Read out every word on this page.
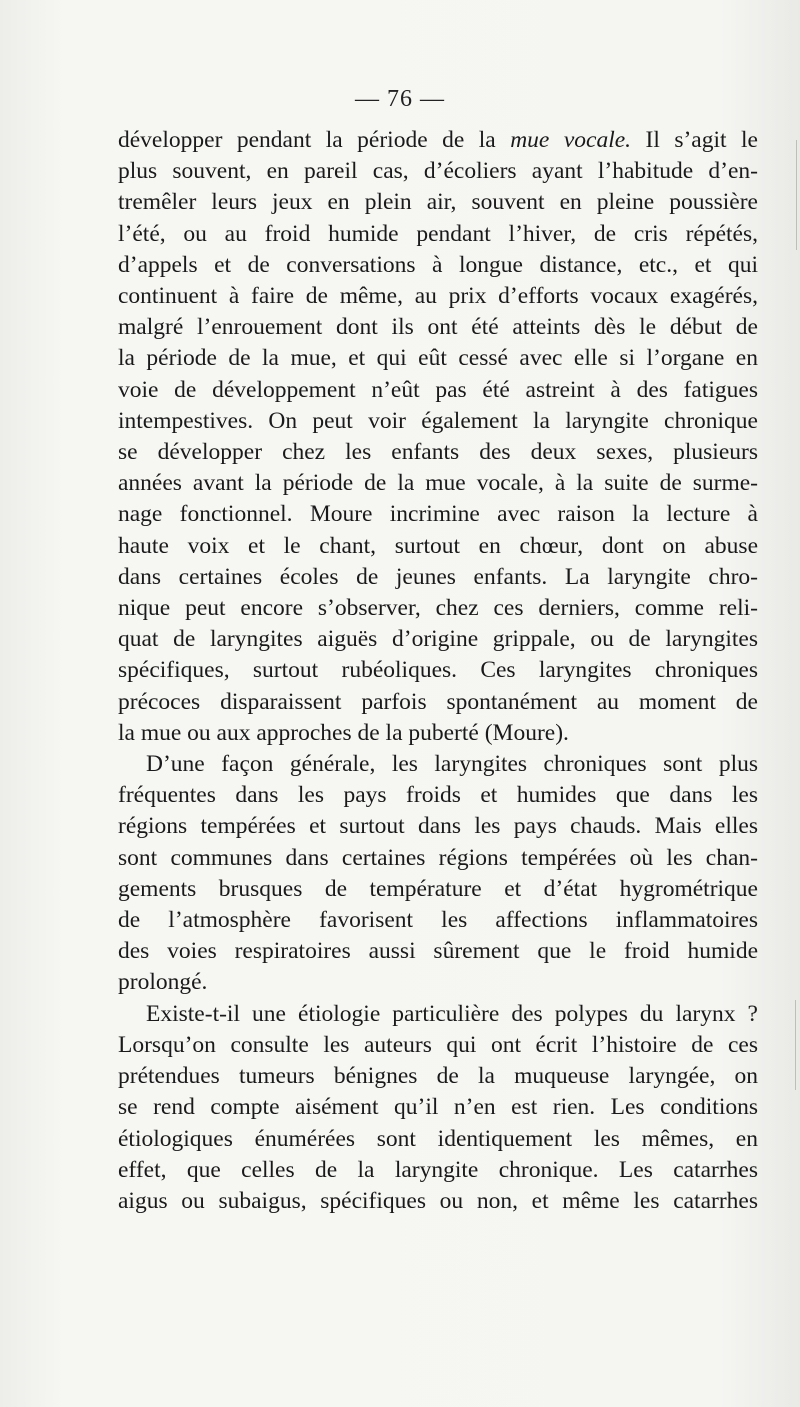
— 76 —
développer pendant la période de la mue vocale. Il s’agit le
plus souvent, en pareil cas, d’écoliers ayant l’habitude d’en-
tremêler leurs jeux en plein air, souvent en pleine poussière
l’été, ou au froid humide pendant l’hiver, de cris répétés,
d’appels et de conversations à longue distance, etc., et qui
continuent à faire de même, au prix d’efforts vocaux exagérés,
malgré l’enrouement dont ils ont été atteints dès le début de
la période de la mue, et qui eût cessé avec elle si l’organe en
voie de développement n’eût pas été astreint à des fatigues
intempestives. On peut voir également la laryngite chronique
se développer chez les enfants des deux sexes, plusieurs
années avant la période de la mue vocale, à la suite de surme-
nage fonctionnel. Moure incrimine avec raison la lecture à
haute voix et le chant, surtout en chœur, dont on abuse
dans certaines écoles de jeunes enfants. La laryngite chro-
nique peut encore s’observer, chez ces derniers, comme reli-
quat de laryngites aiguës d’origine grippale, ou de laryngites
spécifiques, surtout rubéoliques. Ces laryngites chroniques
précoces disparaissent parfois spontanément au moment de
la mue ou aux approches de la puberté (Moure).
D’une façon générale, les laryngites chroniques sont plus
fréquentes dans les pays froids et humides que dans les
régions tempérées et surtout dans les pays chauds. Mais elles
sont communes dans certaines régions tempérées où les chan-
gements brusques de température et d’état hygrométrique
de l’atmosphère favorisent les affections inflammatoires
des voies respiratoires aussi sûrement que le froid humide
prolongé.
Existe-t-il une étiologie particulière des polypes du larynx ?
Lorsqu’on consulte les auteurs qui ont écrit l’histoire de ces
prétendues tumeurs bénignes de la muqueuse laryngée, on
se rend compte aisément qu’il n’en est rien. Les conditions
étiologiques énumérées sont identiquement les mêmes, en
effet, que celles de la laryngite chronique. Les catarrhes
aigus ou subaigus, spécifiques ou non, et même les catarrhes
